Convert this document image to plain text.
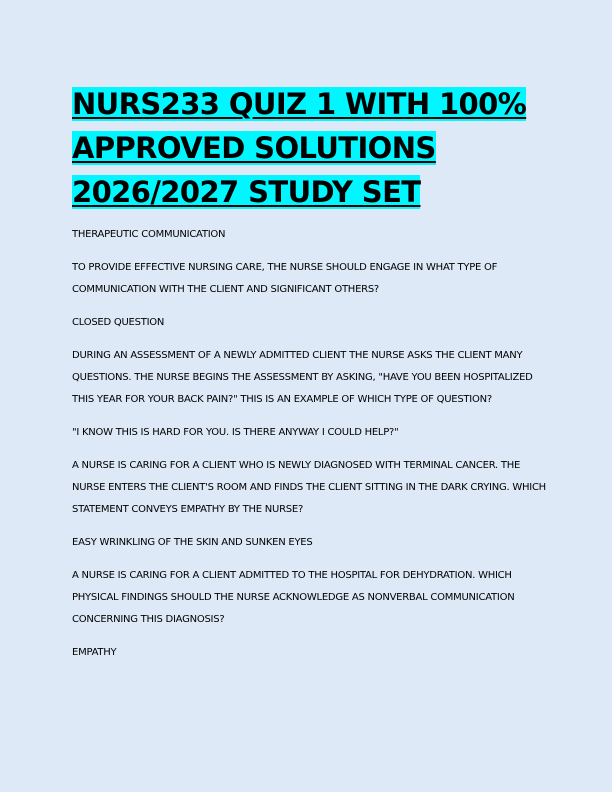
NURS233 QUIZ 1 WITH 100% APPROVED SOLUTIONS 2026/2027 STUDY SET

THERAPEUTIC COMMUNICATION

TO PROVIDE EFFECTIVE NURSING CARE, THE NURSE SHOULD ENGAGE IN WHAT TYPE OF COMMUNICATION WITH THE CLIENT AND SIGNIFICANT OTHERS?

CLOSED QUESTION

DURING AN ASSESSMENT OF A NEWLY ADMITTED CLIENT THE NURSE ASKS THE CLIENT MANY QUESTIONS. THE NURSE BEGINS THE ASSESSMENT BY ASKING, "HAVE YOU BEEN HOSPITALIZED THIS YEAR FOR YOUR BACK PAIN?" THIS IS AN EXAMPLE OF WHICH TYPE OF QUESTION?

"I KNOW THIS IS HARD FOR YOU. IS THERE ANYWAY I COULD HELP?"

A NURSE IS CARING FOR A CLIENT WHO IS NEWLY DIAGNOSED WITH TERMINAL CANCER. THE NURSE ENTERS THE CLIENT'S ROOM AND FINDS THE CLIENT SITTING IN THE DARK CRYING. WHICH STATEMENT CONVEYS EMPATHY BY THE NURSE?

EASY WRINKLING OF THE SKIN AND SUNKEN EYES

A NURSE IS CARING FOR A CLIENT ADMITTED TO THE HOSPITAL FOR DEHYDRATION. WHICH PHYSICAL FINDINGS SHOULD THE NURSE ACKNOWLEDGE AS NONVERBAL COMMUNICATION CONCERNING THIS DIAGNOSIS?

EMPATHY
